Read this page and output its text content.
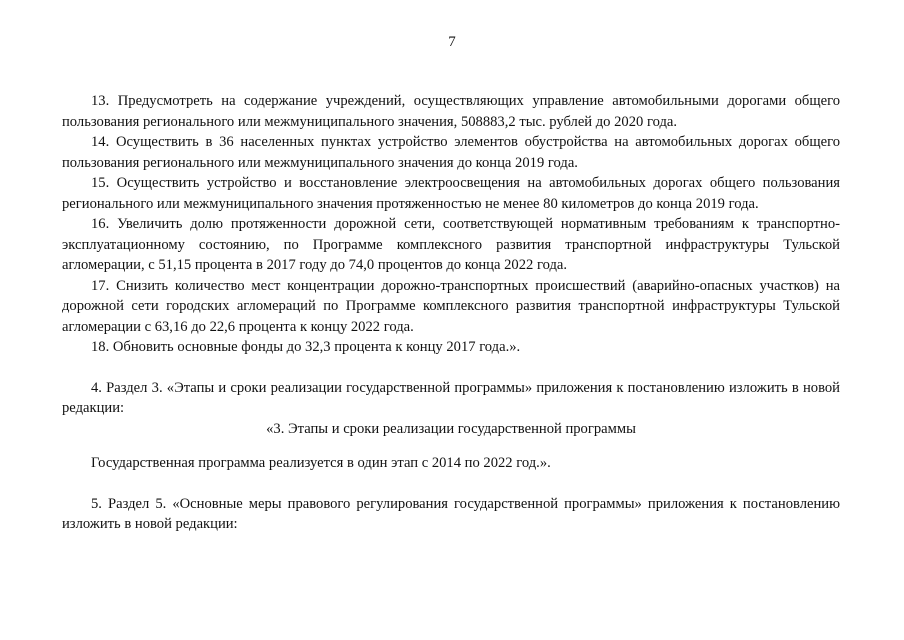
7

13. Предусмотреть на содержание учреждений, осуществляющих управление автомобильными дорогами общего пользования регионального или межмуниципального значения, 508883,2 тыс. рублей до 2020 года.

14. Осуществить в 36 населенных пунктах устройство элементов обустройства на автомобильных дорогах общего пользования регионального или межмуниципального значения до конца 2019 года.

15. Осуществить устройство и восстановление электроосвещения на автомобильных дорогах общего пользования регионального или межмуниципального значения протяженностью не менее 80 километров до конца 2019 года.

16. Увеличить долю протяженности дорожной сети, соответствующей нормативным требованиям к транспортно-эксплуатационному состоянию, по Программе комплексного развития транспортной инфраструктуры Тульской агломерации, с 51,15 процента в 2017 году до 74,0 процентов до конца 2022 года.

17. Снизить количество мест концентрации дорожно-транспортных происшествий (аварийно-опасных участков) на дорожной сети городских агломераций по Программе комплексного развития транспортной инфраструктуры Тульской агломерации с 63,16 до 22,6 процента к концу 2022 года.

18. Обновить основные фонды до 32,3 процента к концу 2017 года.».

4. Раздел 3. «Этапы и сроки реализации государственной программы» приложения к постановлению изложить в новой редакции:

«3. Этапы и сроки реализации государственной программы

Государственная программа реализуется в один этап с 2014 по 2022 год.».

5. Раздел 5. «Основные меры правового регулирования государственной программы» приложения к постановлению изложить в новой редакции:
